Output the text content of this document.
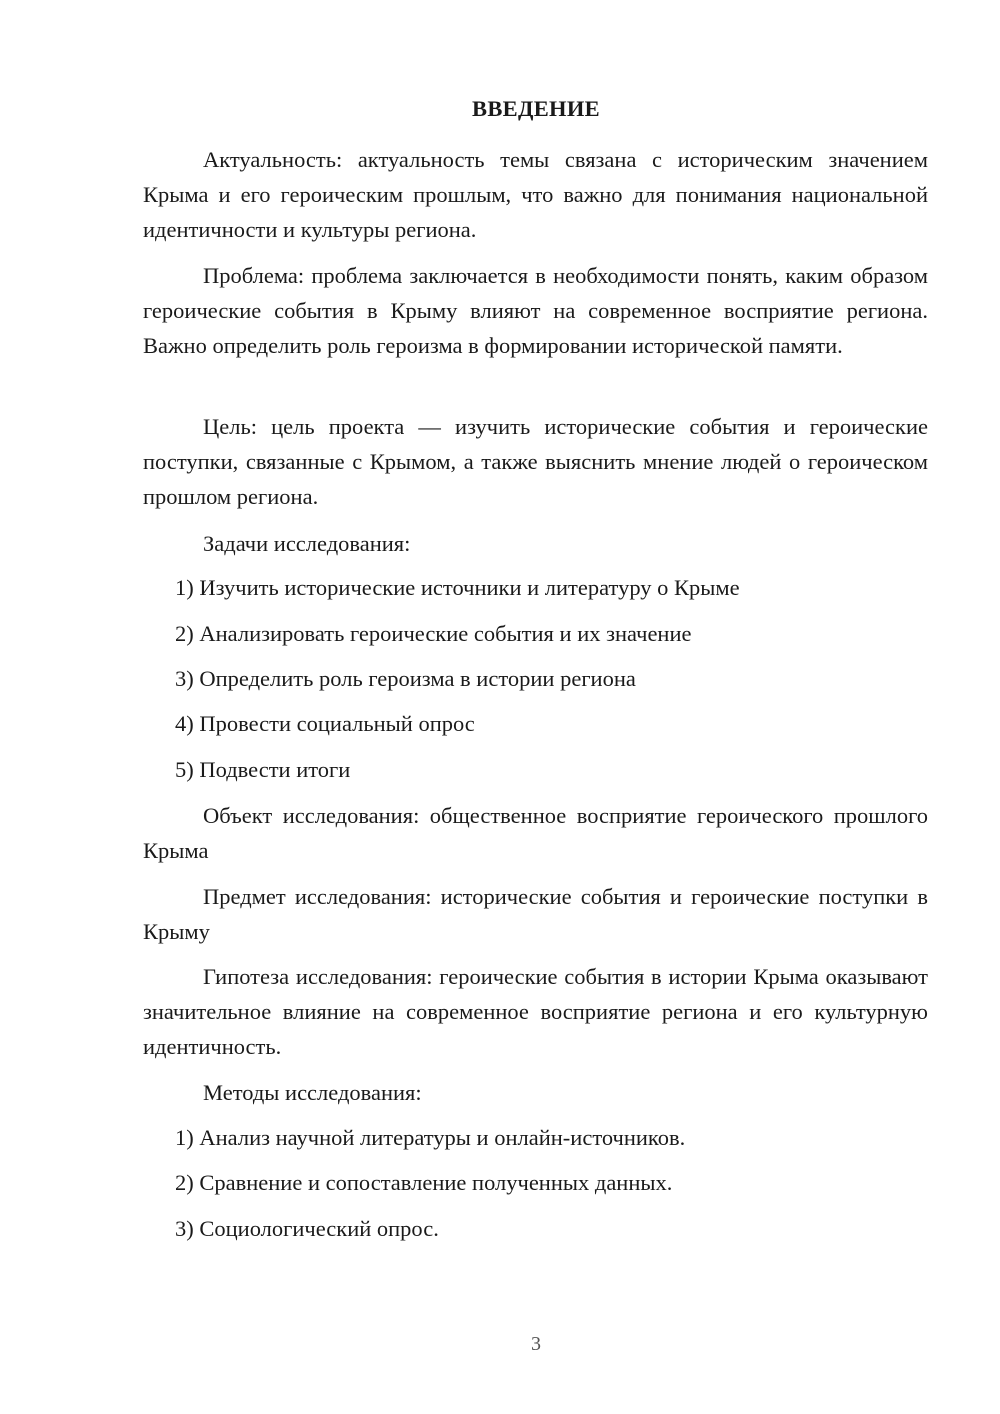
ВВЕДЕНИЕ

Актуальность: актуальность темы связана с историческим значением Крыма и его героическим прошлым, что важно для понимания национальной идентичности и культуры региона.

Проблема: проблема заключается в необходимости понять, каким образом героические события в Крыму влияют на современное восприятие региона. Важно определить роль героизма в формировании исторической памяти.

Цель: цель проекта — изучить исторические события и героические поступки, связанные с Крымом, а также выяснить мнение людей о героическом прошлом региона.

Задачи исследования:
1) Изучить исторические источники и литературу о Крыме
2) Анализировать героические события и их значение
3) Определить роль героизма в истории региона
4) Провести социальный опрос
5) Подвести итоги

Объект исследования: общественное восприятие героического прошлого Крыма

Предмет исследования: исторические события и героические поступки в Крыму

Гипотеза исследования: героические события в истории Крыма оказывают значительное влияние на современное восприятие региона и его культурную идентичность.

Методы исследования:
1) Анализ научной литературы и онлайн-источников.
2) Сравнение и сопоставление полученных данных.
3) Социологический опрос.
3
